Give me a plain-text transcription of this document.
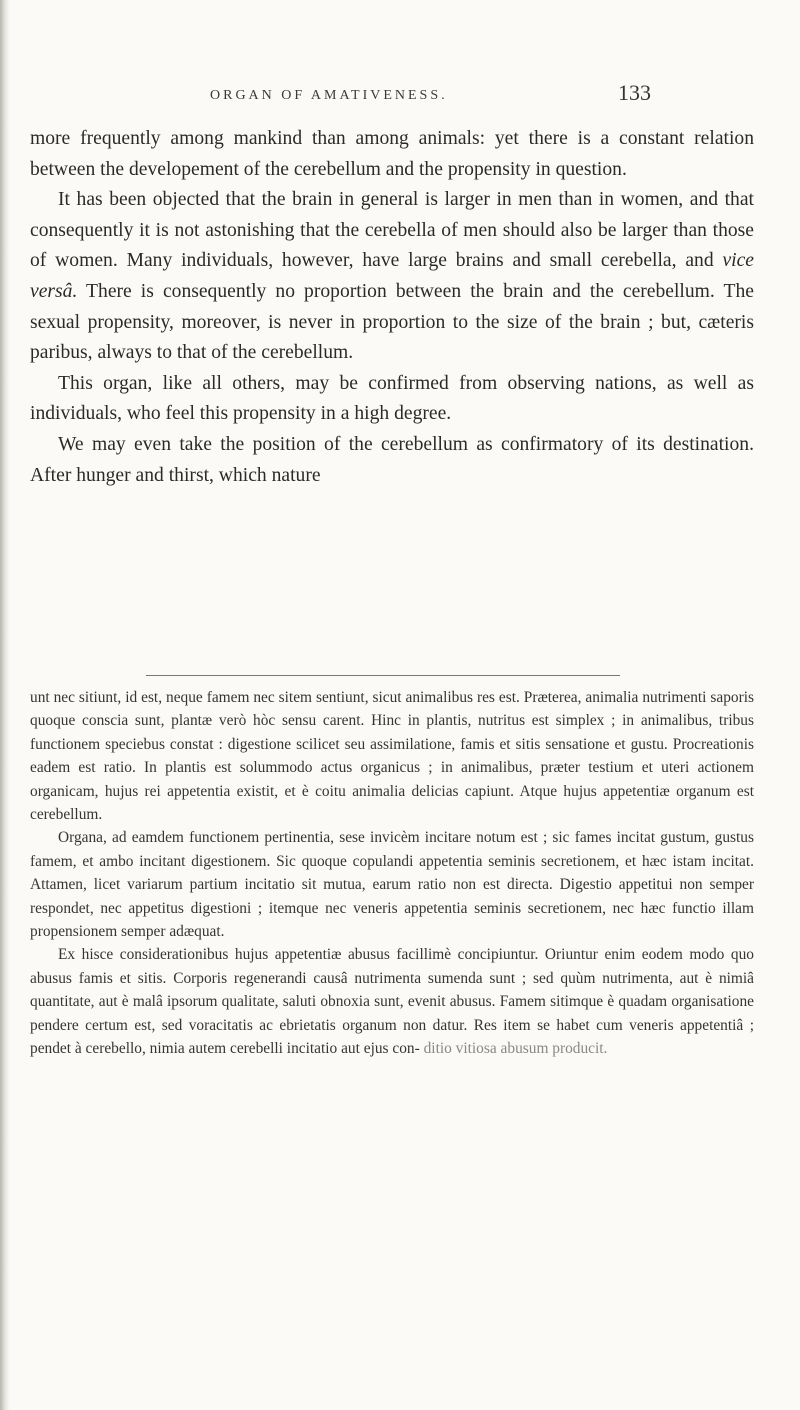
ORGAN OF AMATIVENESS.	133

more frequently among mankind than among animals: yet there is a constant relation between the developement of the cerebellum and the propensity in question.

It has been objected that the brain in general is larger in men than in women, and that consequently it is not astonishing that the cerebella of men should also be larger than those of women. Many individuals, however, have large brains and small cerebella, and vice versâ. There is consequently no proportion between the brain and the cerebellum. The sexual propensity, moreover, is never in proportion to the size of the brain ; but, cæteris paribus, always to that of the cerebellum.

This organ, like all others, may be confirmed from observing nations, as well as individuals, who feel this propensity in a high degree.

We may even take the position of the cerebellum as confirmatory of its destination. After hunger and thirst, which nature

unt nec sitiunt, id est, neque famem nec sitem sentiunt, sicut animalibus res est. Præterea, animalia nutrimenti saporis quoque conscia sunt, plantæ verò hòc sensu carent. Hinc in plantis, nutritus est simplex ; in animalibus, tribus functionem speciebus constat : digestione scilicet seu assimilatione, famis et sitis sensatione et gustu. Procreationis eadem est ratio. In plantis est solummodo actus organicus ; in animalibus, præter testium et uteri actionem organicam, hujus rei appetentia existit, et è coitu animalia delicias capiunt. Atque hujus appetentiæ organum est cerebellum.

Organa, ad eamdem functionem pertinentia, sese invicèm incitare notum est ; sic fames incitat gustum, gustus famem, et ambo incitant digestionem. Sic quoque copulandi appetentia seminis secretionem, et hæc istam incitat. Attamen, licet variarum partium incitatio sit mutua, earum ratio non est directa. Digestio appetitui non semper respondet, nec appetitus digestioni ; itemque nec veneris appetentia seminis secretionem, nec hæc functio illam propensionem semper adæquat.

Ex hisce considerationibus hujus appetentiæ abusus facillimè concipiuntur. Oriuntur enim eodem modo quo abusus famis et sitis. Corporis regenerandi causâ nutrimenta sumenda sunt ; sed quùm nutrimenta, aut è nimiâ quantitate, aut è malâ ipsorum qualitate, saluti obnoxia sunt, evenit abusus. Famem sitimque è quadam organisatione pendere certum est, sed voracitatis ac ebrietatis organum non datur. Res item se habet cum veneris appetentiâ ; pendet à cerebello, nimia autem cerebelli incitatio aut ejus con- ditio vitiosa abusum producit.
